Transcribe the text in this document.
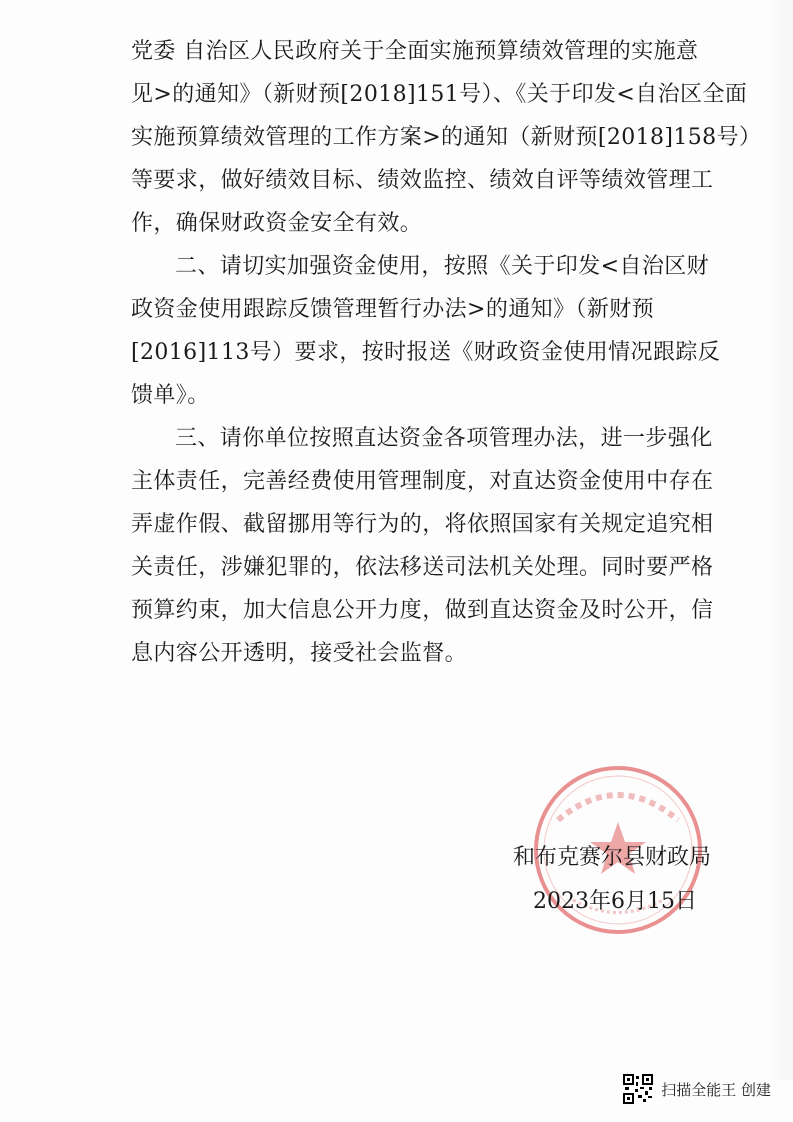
党委 自治区人民政府关于全面实施预算绩效管理的实施意
见>的通知》（新财预[2018]151号）、《关于印发<自治区全面
实施预算绩效管理的工作方案>的通知（新财预[2018]158号）
等要求，做好绩效目标、绩效监控、绩效自评等绩效管理工
作，确保财政资金安全有效。
二、请切实加强资金使用，按照《关于印发<自治区财
政资金使用跟踪反馈管理暂行办法>的通知》（新财预
[2016]113号）要求，按时报送《财政资金使用情况跟踪反
馈单》。
三、请你单位按照直达资金各项管理办法，进一步强化
主体责任，完善经费使用管理制度，对直达资金使用中存在
弄虚作假、截留挪用等行为的，将依照国家有关规定追究相
关责任，涉嫌犯罪的，依法移送司法机关处理。同时要严格
预算约束，加大信息公开力度，做到直达资金及时公开，信
息内容公开透明，接受社会监督。
和布克赛尔县财政局
2023年6月15日
扫描全能王 创建
